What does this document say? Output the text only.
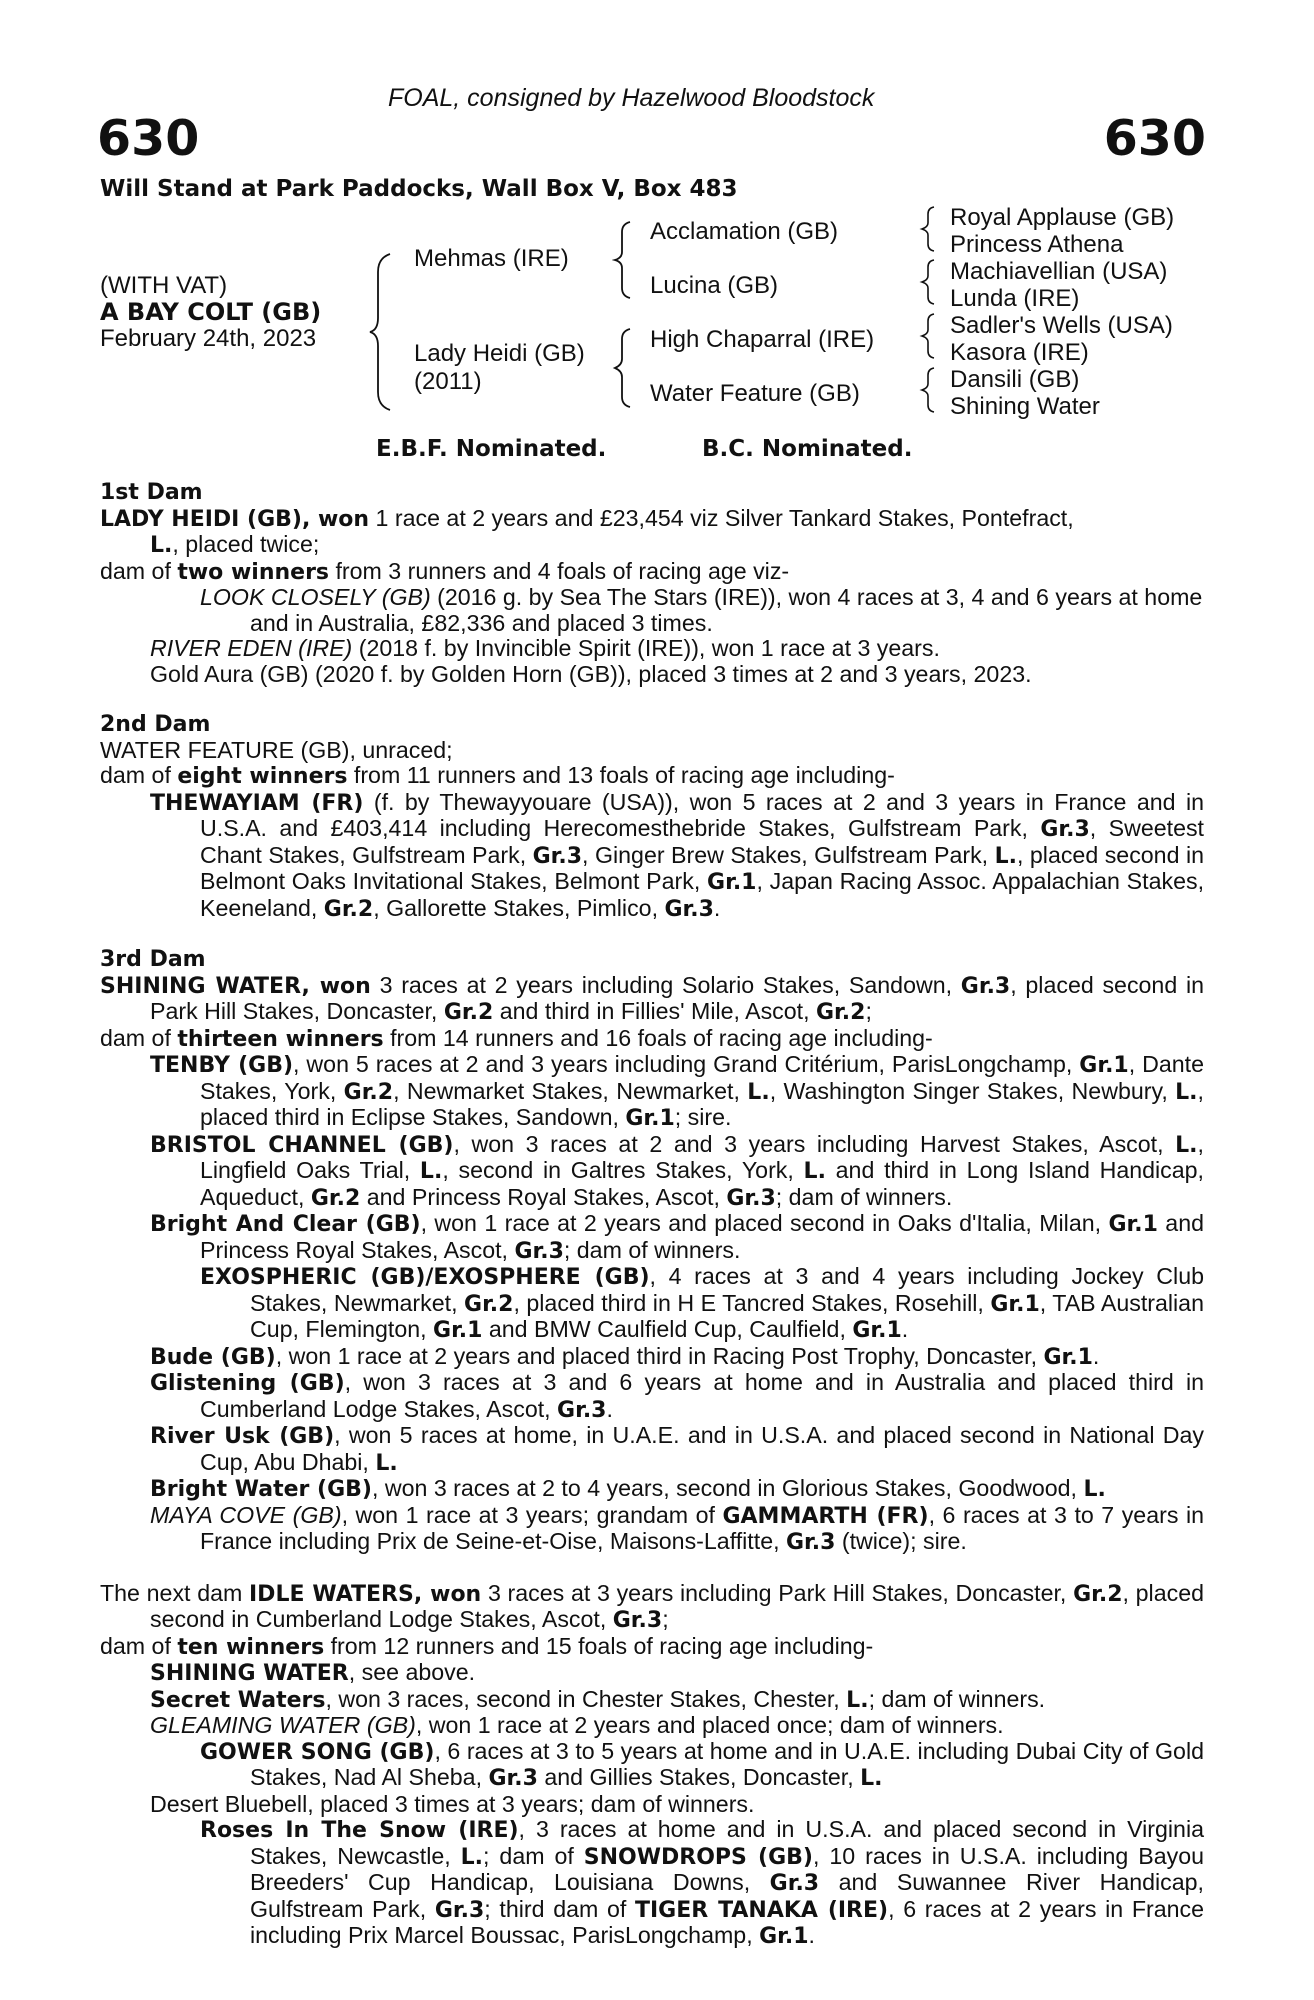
FOAL, consigned by Hazelwood Bloodstock
630	630
Will Stand at Park Paddocks, Wall Box V, Box 483
(WITH VAT)
A BAY COLT (GB)
February 24th, 2023
Mehmas (IRE)
Lady Heidi (GB)
(2011)
Acclamation (GB)
Lucina (GB)
High Chaparral (IRE)
Water Feature (GB)
Royal Applause (GB)
Princess Athena
Machiavellian (USA)
Lunda (IRE)
Sadler's Wells (USA)
Kasora (IRE)
Dansili (GB)
Shining Water
E.B.F. Nominated.	B.C. Nominated.

1st Dam

LADY HEIDI (GB), won 1 race at 2 years and £23,454 viz Silver Tankard Stakes, Pontefract,
L., placed twice;

dam of two winners from 3 runners and 4 foals of racing age viz-

LOOK CLOSELY (GB) (2016 g. by Sea The Stars (IRE)), won 4 races at 3, 4 and 6 years at home and in Australia, £82,336 and placed 3 times.

RIVER EDEN (IRE) (2018 f. by Invincible Spirit (IRE)), won 1 race at 3 years.

Gold Aura (GB) (2020 f. by Golden Horn (GB)), placed 3 times at 2 and 3 years, 2023.

2nd Dam

WATER FEATURE (GB), unraced;

dam of eight winners from 11 runners and 13 foals of racing age including-

THEWAYIAM (FR) (f. by Thewayyouare (USA)), won 5 races at 2 and 3 years in France and in U.S.A. and £403,414 including Herecomesthebride Stakes, Gulfstream Park, Gr.3, Sweetest Chant Stakes, Gulfstream Park, Gr.3, Ginger Brew Stakes, Gulfstream Park, L., placed second in Belmont Oaks Invitational Stakes, Belmont Park, Gr.1, Japan Racing Assoc. Appalachian Stakes, Keeneland, Gr.2, Gallorette Stakes, Pimlico, Gr.3.

3rd Dam

SHINING WATER, won 3 races at 2 years including Solario Stakes, Sandown, Gr.3, placed second in Park Hill Stakes, Doncaster, Gr.2 and third in Fillies' Mile, Ascot, Gr.2;

dam of thirteen winners from 14 runners and 16 foals of racing age including-

TENBY (GB), won 5 races at 2 and 3 years including Grand Critérium, ParisLongchamp, Gr.1, Dante Stakes, York, Gr.2, Newmarket Stakes, Newmarket, L., Washington Singer Stakes, Newbury, L., placed third in Eclipse Stakes, Sandown, Gr.1; sire.

BRISTOL CHANNEL (GB), won 3 races at 2 and 3 years including Harvest Stakes, Ascot, L., Lingfield Oaks Trial, L., second in Galtres Stakes, York, L. and third in Long Island Handicap, Aqueduct, Gr.2 and Princess Royal Stakes, Ascot, Gr.3; dam of winners.

Bright And Clear (GB), won 1 race at 2 years and placed second in Oaks d'Italia, Milan, Gr.1 and Princess Royal Stakes, Ascot, Gr.3; dam of winners.

EXOSPHERIC (GB)/EXOSPHERE (GB), 4 races at 3 and 4 years including Jockey Club Stakes, Newmarket, Gr.2, placed third in H E Tancred Stakes, Rosehill, Gr.1, TAB Australian Cup, Flemington, Gr.1 and BMW Caulfield Cup, Caulfield, Gr.1.

Bude (GB), won 1 race at 2 years and placed third in Racing Post Trophy, Doncaster, Gr.1.

Glistening (GB), won 3 races at 3 and 6 years at home and in Australia and placed third in Cumberland Lodge Stakes, Ascot, Gr.3.

River Usk (GB), won 5 races at home, in U.A.E. and in U.S.A. and placed second in National Day Cup, Abu Dhabi, L.

Bright Water (GB), won 3 races at 2 to 4 years, second in Glorious Stakes, Goodwood, L.

MAYA COVE (GB), won 1 race at 3 years; grandam of GAMMARTH (FR), 6 races at 3 to 7 years in France including Prix de Seine-et-Oise, Maisons-Laffitte, Gr.3 (twice); sire.

The next dam IDLE WATERS, won 3 races at 3 years including Park Hill Stakes, Doncaster, Gr.2, placed second in Cumberland Lodge Stakes, Ascot, Gr.3;

dam of ten winners from 12 runners and 15 foals of racing age including-

SHINING WATER, see above.

Secret Waters, won 3 races, second in Chester Stakes, Chester, L.; dam of winners.

GLEAMING WATER (GB), won 1 race at 2 years and placed once; dam of winners.

GOWER SONG (GB), 6 races at 3 to 5 years at home and in U.A.E. including Dubai City of Gold Stakes, Nad Al Sheba, Gr.3 and Gillies Stakes, Doncaster, L.

Desert Bluebell, placed 3 times at 3 years; dam of winners.

Roses In The Snow (IRE), 3 races at home and in U.S.A. and placed second in Virginia Stakes, Newcastle, L.; dam of SNOWDROPS (GB), 10 races in U.S.A. including Bayou Breeders' Cup Handicap, Louisiana Downs, Gr.3 and Suwannee River Handicap, Gulfstream Park, Gr.3; third dam of TIGER TANAKA (IRE), 6 races at 2 years in France including Prix Marcel Boussac, ParisLongchamp, Gr.1.
